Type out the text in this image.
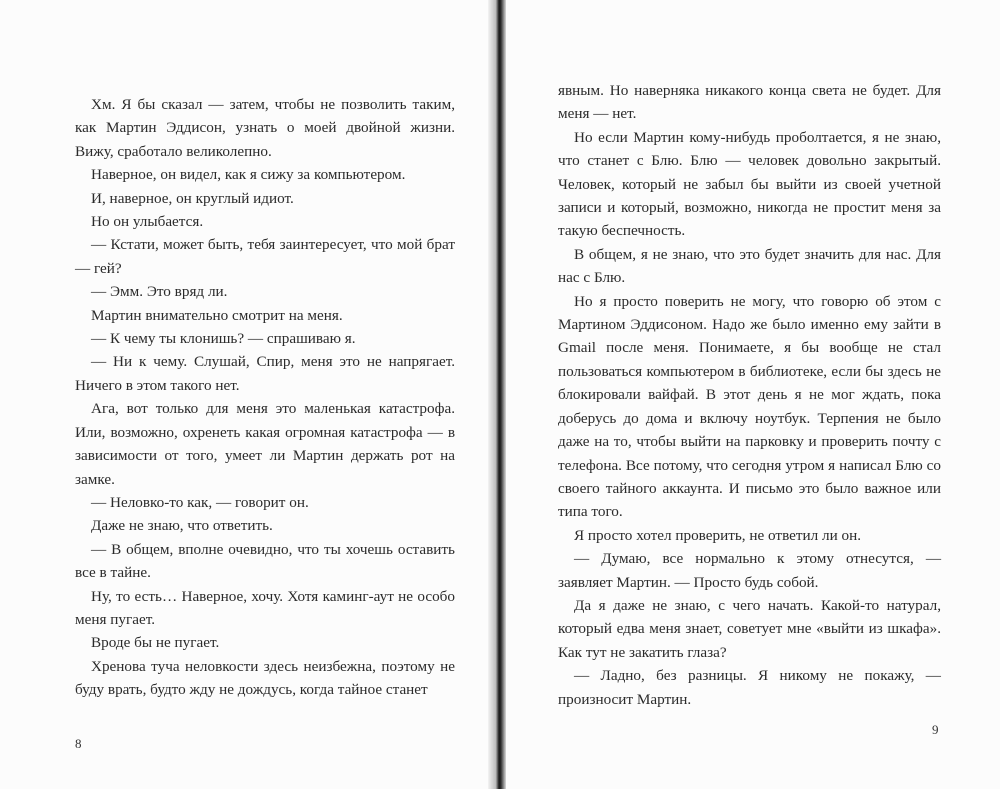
Хм. Я бы сказал — затем, чтобы не позволить таким, как Мартин Эддисон, узнать о моей двойной жизни. Вижу, сработало великолепно.

Наверное, он видел, как я сижу за компьютером.

И, наверное, он круглый идиот.

Но он улыбается.

— Кстати, может быть, тебя заинтересует, что мой брат — гей?

— Эмм. Это вряд ли.

Мартин внимательно смотрит на меня.

— К чему ты клонишь? — спрашиваю я.

— Ни к чему. Слушай, Спир, меня это не напрягает. Ничего в этом такого нет.

Ага, вот только для меня это маленькая катастрофа. Или, возможно, охренеть какая огромная катастрофа — в зависимости от того, умеет ли Мартин держать рот на замке.

— Неловко-то как, — говорит он.

Даже не знаю, что ответить.

— В общем, вполне очевидно, что ты хочешь оставить все в тайне.

Ну, то есть… Наверное, хочу. Хотя каминг-аут не особо меня пугает.

Вроде бы не пугает.

Хренова туча неловкости здесь неизбежна, поэтому не буду врать, будто жду не дождусь, когда тайное станет

8

явным. Но наверняка никакого конца света не будет. Для меня — нет.

Но если Мартин кому-нибудь проболтается, я не знаю, что станет с Блю. Блю — человек довольно закрытый. Человек, который не забыл бы выйти из своей учетной записи и который, возможно, никогда не простит меня за такую беспечность.

В общем, я не знаю, что это будет значить для нас. Для нас с Блю.

Но я просто поверить не могу, что говорю об этом с Мартином Эддисоном. Надо же было именно ему зайти в Gmail после меня. Понимаете, я бы вообще не стал пользоваться компьютером в библиотеке, если бы здесь не блокировали вайфай. В этот день я не мог ждать, пока доберусь до дома и включу ноутбук. Терпения не было даже на то, чтобы выйти на парковку и проверить почту с телефона. Все потому, что сегодня утром я написал Блю со своего тайного аккаунта. И письмо это было важное или типа того.

Я просто хотел проверить, не ответил ли он.

— Думаю, все нормально к этому отнесутся, — заявляет Мартин. — Просто будь собой.

Да я даже не знаю, с чего начать. Какой-то натурал, который едва меня знает, советует мне «выйти из шкафа». Как тут не закатить глаза?

— Ладно, без разницы. Я никому не покажу, — произносит Мартин.

9
